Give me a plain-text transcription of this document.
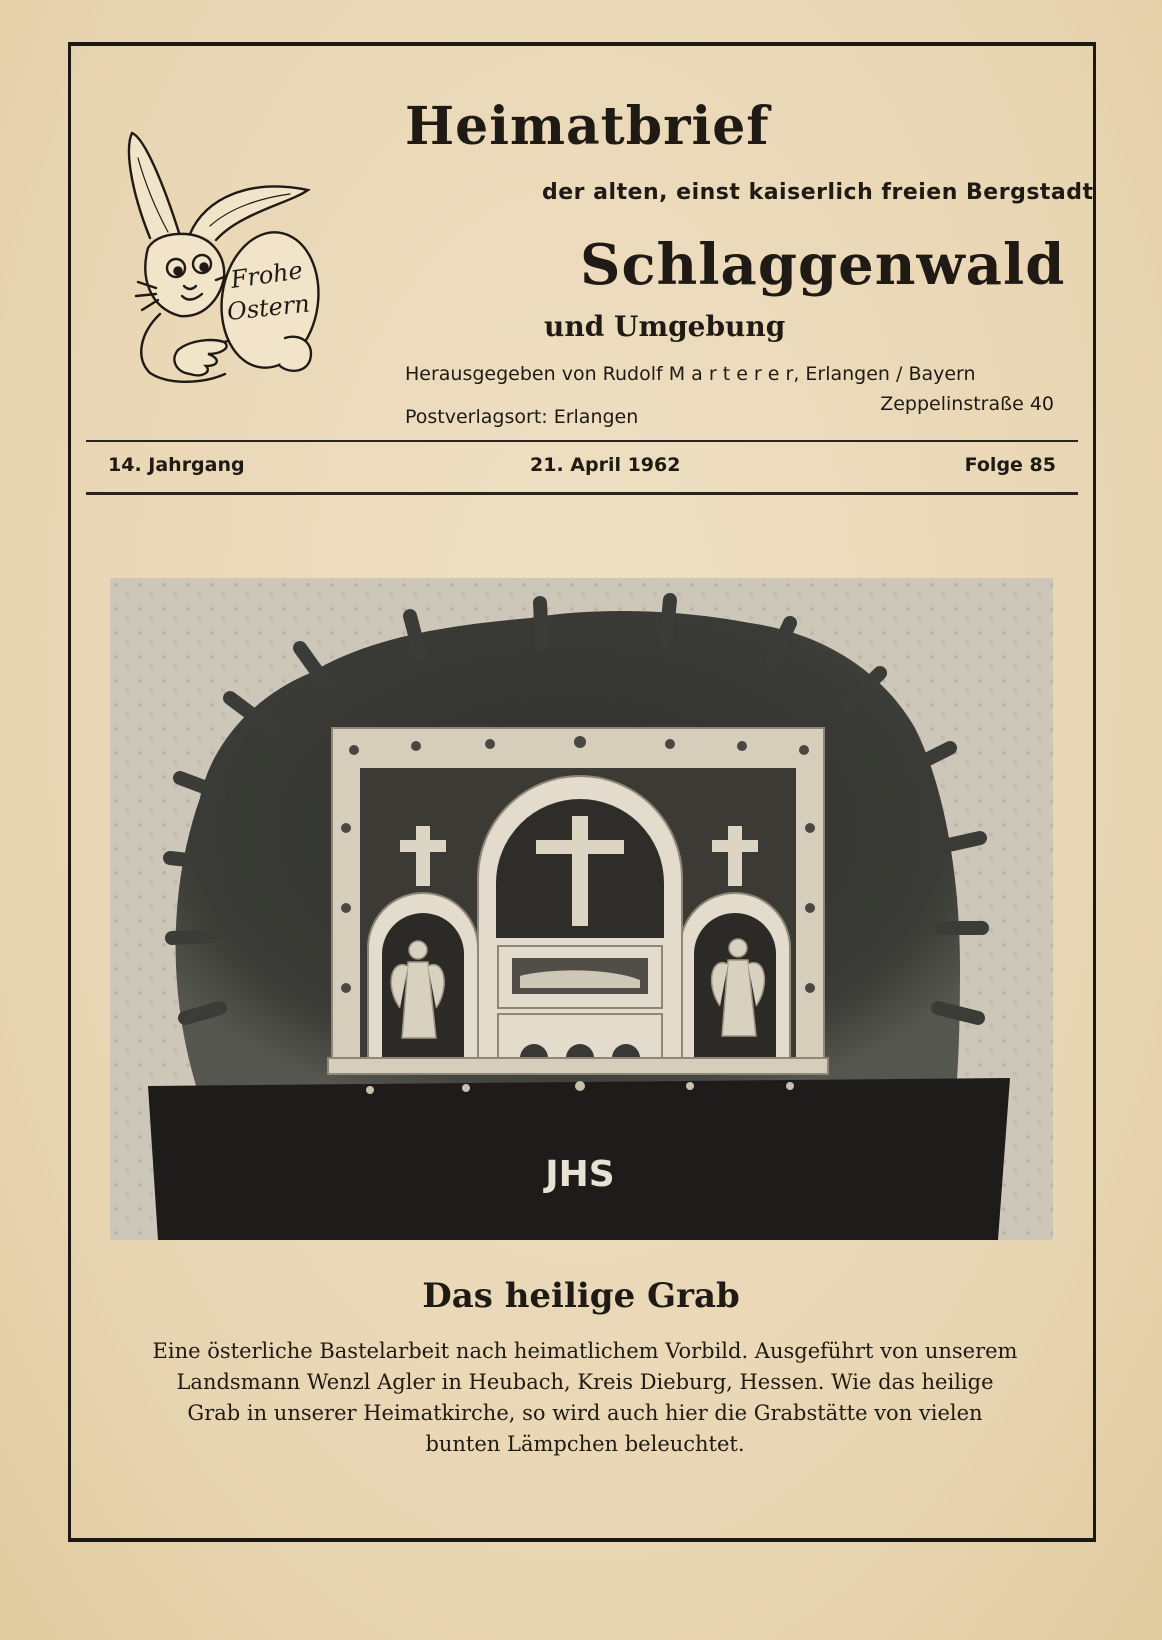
Frohe
Ostern
Heimatbrief

der alten, einst kaiserlich freien Bergstadt

Schlaggenwald

und Umgebung

Herausgegeben von Rudolf M a r t e r e r, Erlangen / Bayern

Zeppelinstraße 40

Postverlagsort: Erlangen

14. Jahrgang	21. April 1962	Folge 85
JHS
Das heilige Grab

Eine österliche Bastelarbeit nach heimatlichem Vorbild. Ausgeführt von unserem Landsmann Wenzl Agler in Heubach, Kreis Dieburg, Hessen. Wie das heilige Grab in unserer Heimatkirche, so wird auch hier die Grabstätte von vielen bunten Lämpchen beleuchtet.
